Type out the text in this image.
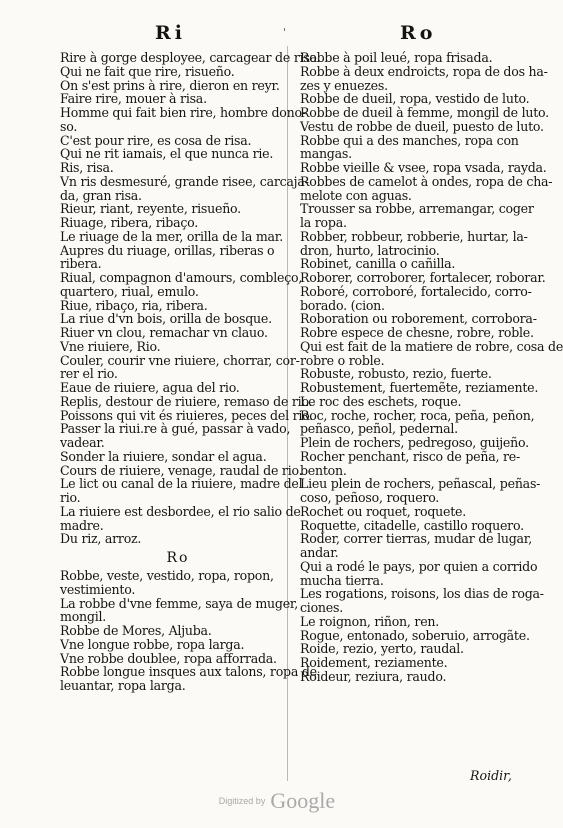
Ri	'	Ro
Rire à gorge desployee, carcagear de risa.
Qui ne fait que rire, risueño.
On s'est prins à rire, dieron en reyr.
Faire rire, mouer à risa.
Homme qui fait bien rire, hombre dono-
so.
C'est pour rire, es cosa de risa.
Qui ne rit iamais, el que nunca rie.
Ris, risa.
Vn ris desmesuré, grande risee, carcaja-
da, gran risa.
Rieur, riant, reyente, risueño.
Riuage, ribera, ribaço.
Le riuage de la mer, orilla de la mar.
Aupres du riuage, orillas, riberas o
ribera.
Riual, compagnon d'amours, combleço,
quartero, riual, emulo.
Riue, ribaço, ria, ribera.
La riue d'vn bois, orilla de bosque.
Riuer vn clou, remachar vn clauo.
Vne riuiere, Rio.
Couler, courir vne riuiere, chorrar, cor-
rer el rio.
Eaue de riuiere, agua del rio.
Replis, destour de riuiere, remaso de rio.
Poissons qui vit és riuieres, peces del rio.
Passer la riui.re à gué, passar à vado,
vadear.
Sonder la riuiere, sondar el agua.
Cours de riuiere, venage, raudal de rio.
Le lict ou canal de la riuiere, madre del
rio.
La riuiere est desbordee, el rio salio de
madre.
Du riz, arroz.
Ro
Robbe, veste, vestido, ropa, ropon,
vestimiento.
La robbe d'vne femme, saya de muger,
mongil.
Robbe de Mores, Aljuba.
Vne longue robbe, ropa larga.
Vne robbe doublee, ropa afforrada.
Robbe longue insques aux talons, ropa de
leuantar, ropa larga.
Robbe à poil leué, ropa frisada.
Robbe à deux endroicts, ropa de dos ha-
zes y enuezes.
Robbe de dueil, ropa, vestido de luto.
Robbe de dueil à femme, mongil de luto.
Vestu de robbe de dueil, puesto de luto.
Robbe qui a des manches, ropa con
mangas.
Robbe vieille & vsee, ropa vsada, rayda.
Robbes de camelot à ondes, ropa de cha-
melote con aguas.
Trousser sa robbe, arremangar, coger
la ropa.
Robber, robbeur, robberie, hurtar, la-
dron, hurto, latrocinio.
Robinet, canilla o cañilla.
Roborer, corroborer, fortalecer, roborar.
Roboré, corroboré, fortalecido, corro-
borado. (cion.
Roboration ou roborement, corrobora-
Robre espece de chesne, robre, roble.
Qui est fait de la matiere de robre, cosa de
robre o roble.
Robuste, robusto, rezio, fuerte.
Robustement, fuertemẽte, reziamente.
Le roc des eschets, roque.
Roc, roche, rocher, roca, peña, peñon,
peñasco, peñol, pedernal.
Plein de rochers, pedregoso, guijeño.
Rocher penchant, risco de peña, re-
benton.
Lieu plein de rochers, peñascal, peñas-
coso, peñoso, roquero.
Rochet ou roquet, roquete.
Roquette, citadelle, castillo roquero.
Roder, correr tierras, mudar de lugar,
andar.
Qui a rodé le pays, por quien a corrido
mucha tierra.
Les rogations, roisons, los dias de roga-
ciones.
Le roignon, riñon, ren.
Rogue, entonado, soberuio, arrogãte.
Roide, rezio, yerto, raudal.
Roidement, reziamente.
Roideur, reziura, raudo.
Roidir,
Digitized by Google
